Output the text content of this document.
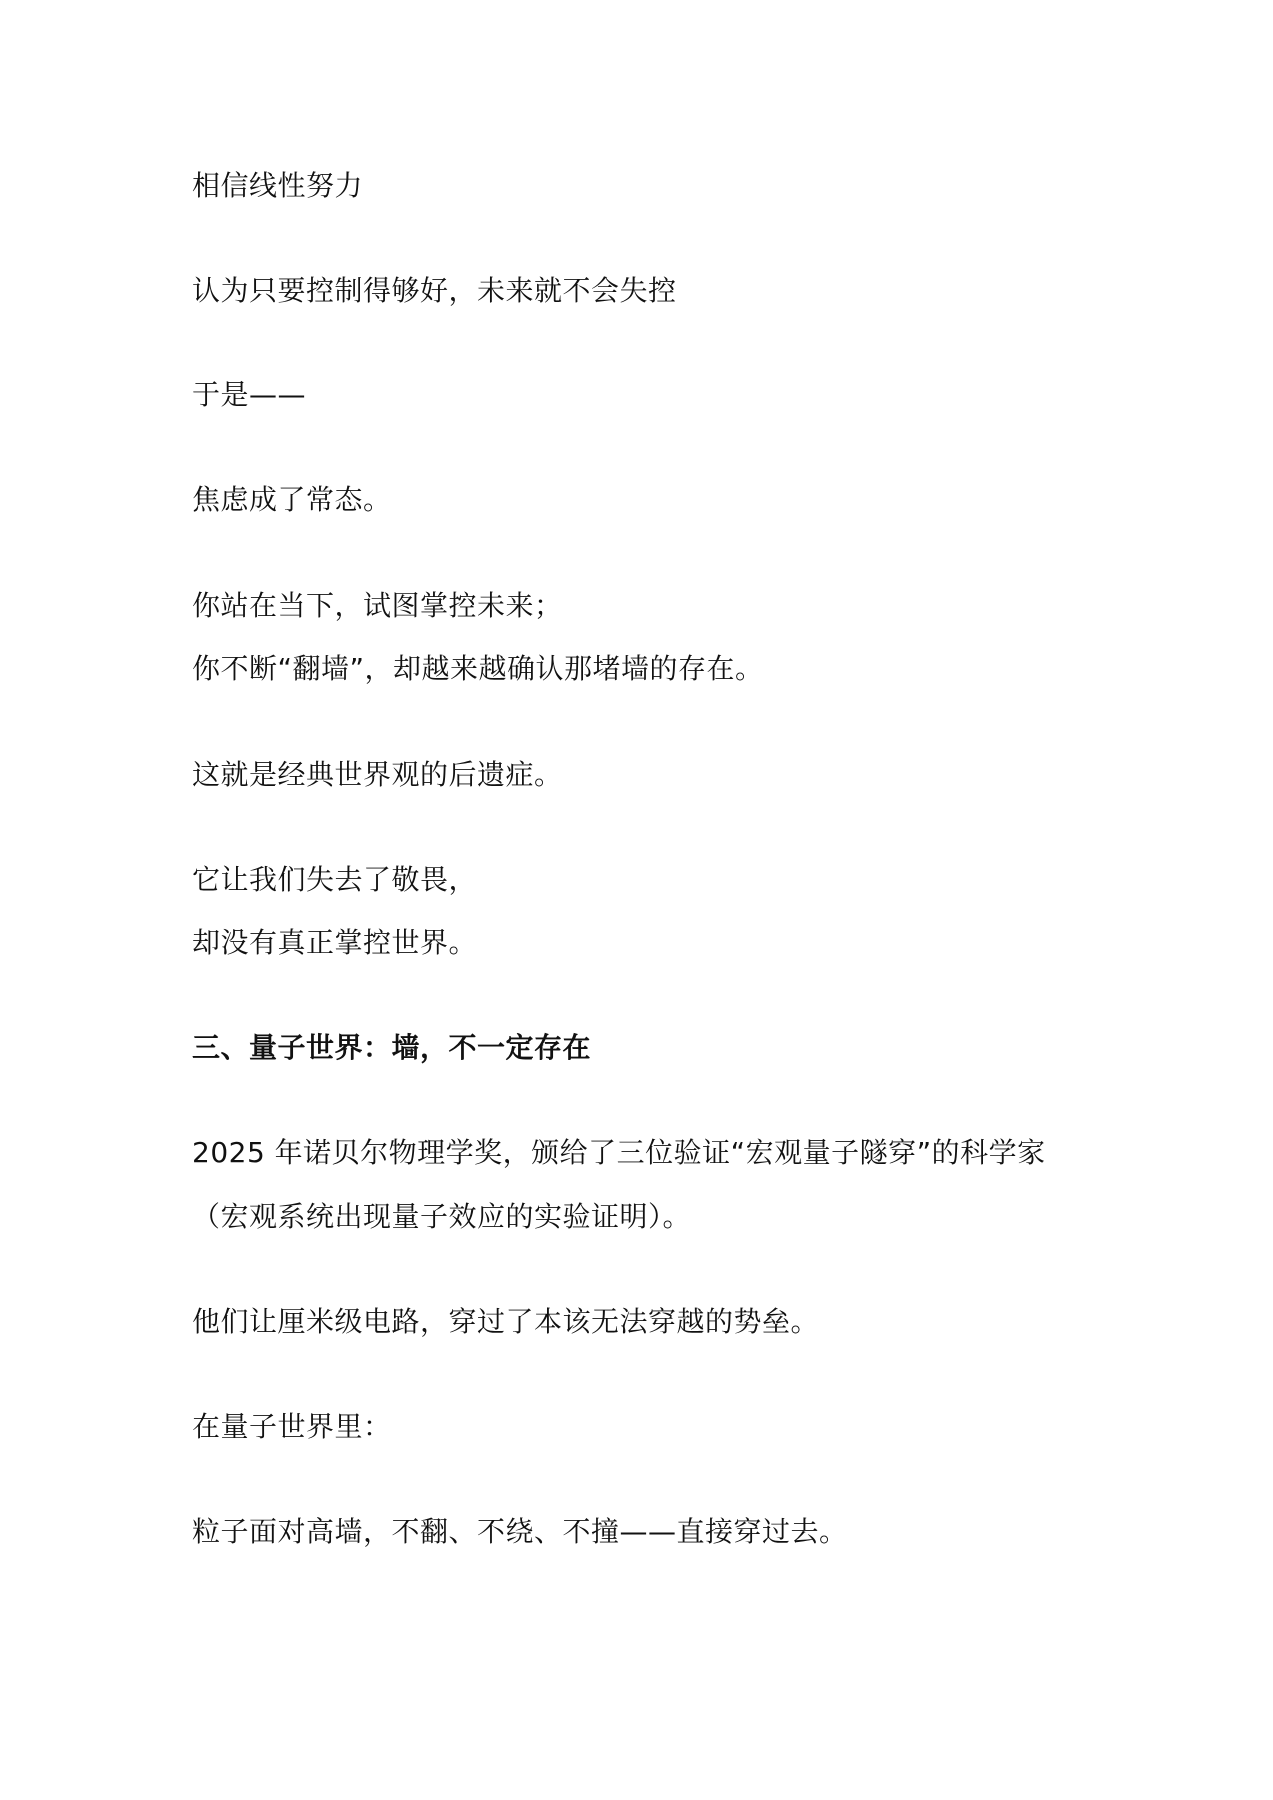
相信线性努力
认为只要控制得够好，未来就不会失控
于是——
焦虑成了常态。
你站在当下，试图掌控未来；
你不断“翻墙”，却越来越确认那堵墙的存在。
这就是经典世界观的后遗症。
它让我们失去了敬畏，
却没有真正掌控世界。
三、量子世界：墙，不一定存在
2025 年诺贝尔物理学奖，颁给了三位验证“宏观量子隧穿”的科学家
（宏观系统出现量子效应的实验证明）。
他们让厘米级电路，穿过了本该无法穿越的势垒。
在量子世界里：
粒子面对高墙，不翻、不绕、不撞——直接穿过去。
